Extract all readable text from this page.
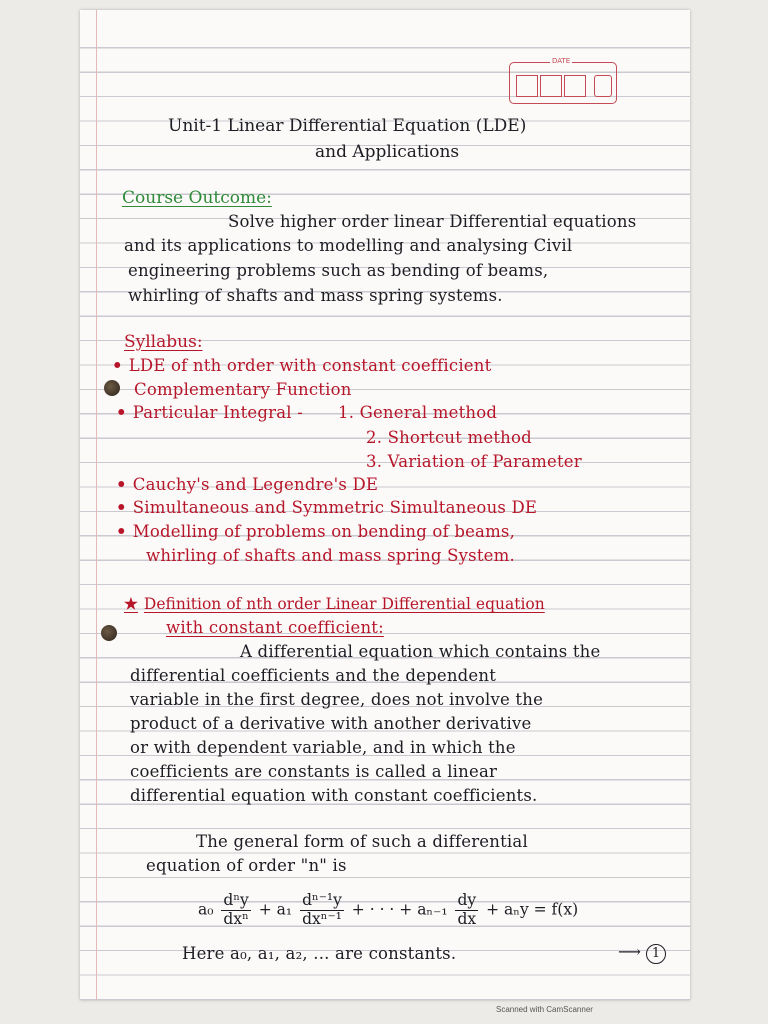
DATE
Unit-1 Linear Differential Equation (LDE)
and Applications
Course Outcome:
Solve higher order linear Differential equations
and its applications to modelling and analysing Civil
engineering problems such as bending of beams,
whirling of shafts and mass spring systems.
Syllabus:
• LDE of nth order with constant coefficient
Complementary Function
• Particular Integral - 1. General method
2. Shortcut method
3. Variation of Parameter
• Cauchy's and Legendre's DE
• Simultaneous and Symmetric Simultaneous DE
• Modelling of problems on bending of beams,
whirling of shafts and mass spring System.
★ Definition of nth order Linear Differential equation
with constant coefficient:
A differential equation which contains the
differential coefficients and the dependent
variable in the first degree, does not involve the
product of a derivative with another derivative
or with dependent variable, and in which the
coefficients are constants is called a linear
differential equation with constant coefficients.
The general form of such a differential
equation of order "n" is
$a_0 \frac{\text{dⁿy}}{\text{dxⁿ}} + a_1 \frac{\text{dⁿ⁻¹y}}{\text{dxⁿ⁻¹}}$ + · · · + $a_{n-1} \frac{dy}{dx} + a_ny = f(x)$
Here a₀, a₁, a₂, ... are constants.	⟶ 1
Scanned with CamScanner
